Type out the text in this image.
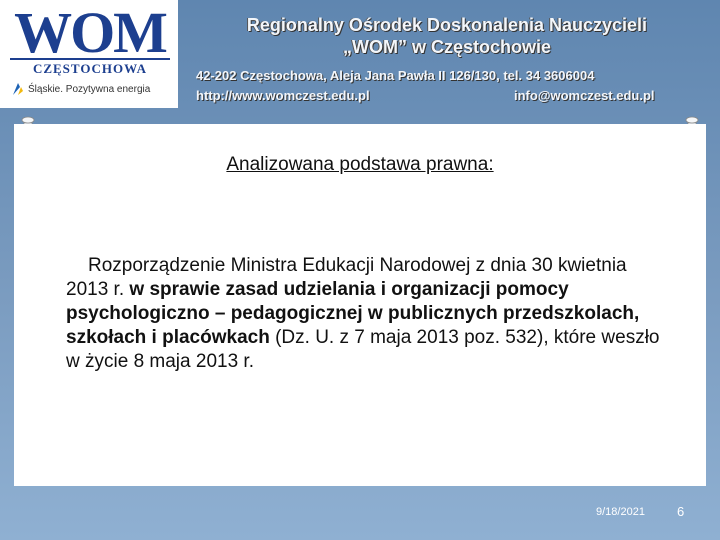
WOM
CZĘSTOCHOWA
Śląskie. Pozytywna energia
Regionalny Ośrodek Doskonalenia Nauczycieli
„WOM” w Częstochowie
42-202 Częstochowa, Aleja Jana Pawła II 126/130, tel. 34 3606004
http://www.womczest.edu.pl	info@womczest.edu.pl
Analizowana podstawa prawna:
Rozporządzenie Ministra Edukacji Narodowej z dnia 30 kwietnia 2013 r. w sprawie zasad udzielania i organizacji pomocy psychologiczno – pedagogicznej w publicznych przedszkolach, szkołach i placówkach (Dz. U. z 7 maja 2013 poz. 532), które weszło w życie 8 maja 2013 r.
9/18/2021 6
